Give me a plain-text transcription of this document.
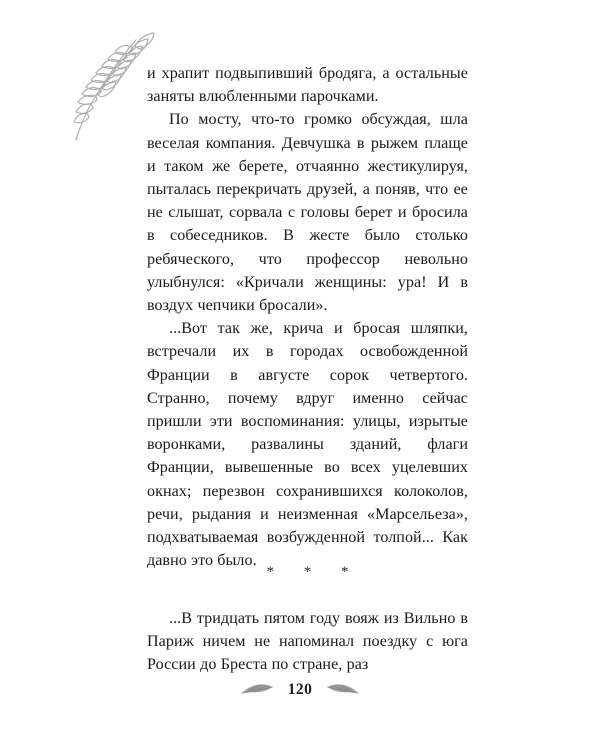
и храпит подвыпивший бродяга, а остальные заняты влюбленными парочками.

По мосту, что-то громко обсуждая, шла веселая компания. Девчушка в рыжем плаще и таком же берете, отчаянно жестикулируя, пыталась перекричать друзей, а поняв, что ее не слышат, сорвала с головы берет и бросила в собеседников. В жесте было столько ребяческого, что профессор невольно улыбнулся: «Кричали женщины: ура! И в воздух чепчики бросали».

...Вот так же, крича и бросая шляпки, встречали их в городах освобожденной Франции в августе сорок четвертого. Странно, почему вдруг именно сейчас пришли эти воспоминания: улицы, изрытые воронками, развалины зданий, флаги Франции, вывешенные во всех уцелевших окнах; перезвон сохранившихся колоколов, речи, рыдания и неизменная «Марсельеза», подхватываемая возбужденной толпой... Как давно это было.

* * *

...В тридцать пятом году вояж из Вильно в Париж ничем не напоминал поездку с юга России до Бреста по стране, раз

120
